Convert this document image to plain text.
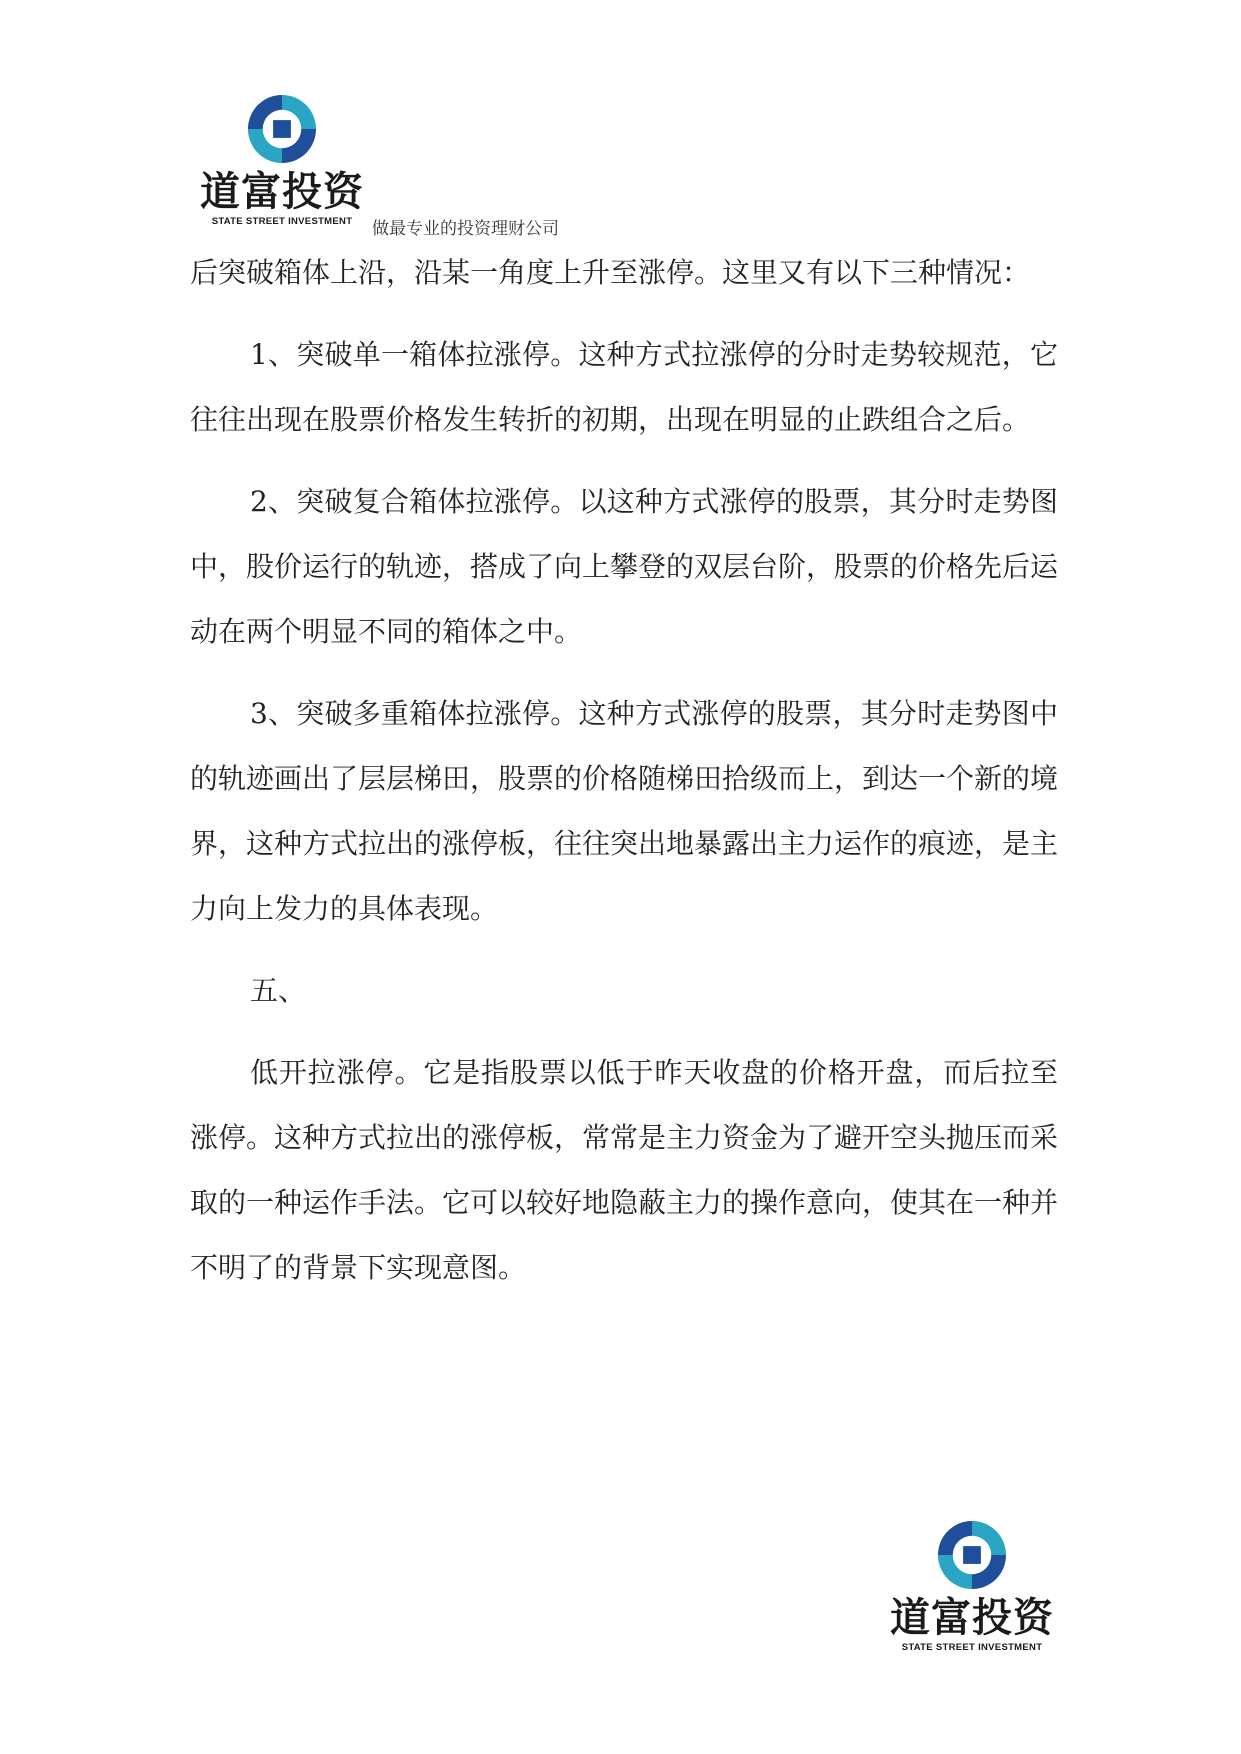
道富投资
STATE STREET INVESTMENT 做最专业的投资理财公司

后突破箱体上沿，沿某一角度上升至涨停。这里又有以下三种情况：

1、突破单一箱体拉涨停。这种方式拉涨停的分时走势较规范，它往往出现在股票价格发生转折的初期，出现在明显的止跌组合之后。

2、突破复合箱体拉涨停。以这种方式涨停的股票，其分时走势图中，股价运行的轨迹，搭成了向上攀登的双层台阶，股票的价格先后运动在两个明显不同的箱体之中。

3、突破多重箱体拉涨停。这种方式涨停的股票，其分时走势图中的轨迹画出了层层梯田，股票的价格随梯田拾级而上，到达一个新的境界，这种方式拉出的涨停板，往往突出地暴露出主力运作的痕迹，是主力向上发力的具体表现。

五、

低开拉涨停。它是指股票以低于昨天收盘的价格开盘，而后拉至涨停。这种方式拉出的涨停板，常常是主力资金为了避开空头抛压而采取的一种运作手法。它可以较好地隐蔽主力的操作意向，使其在一种并不明了的背景下实现意图。

道富投资
STATE STREET INVESTMENT
